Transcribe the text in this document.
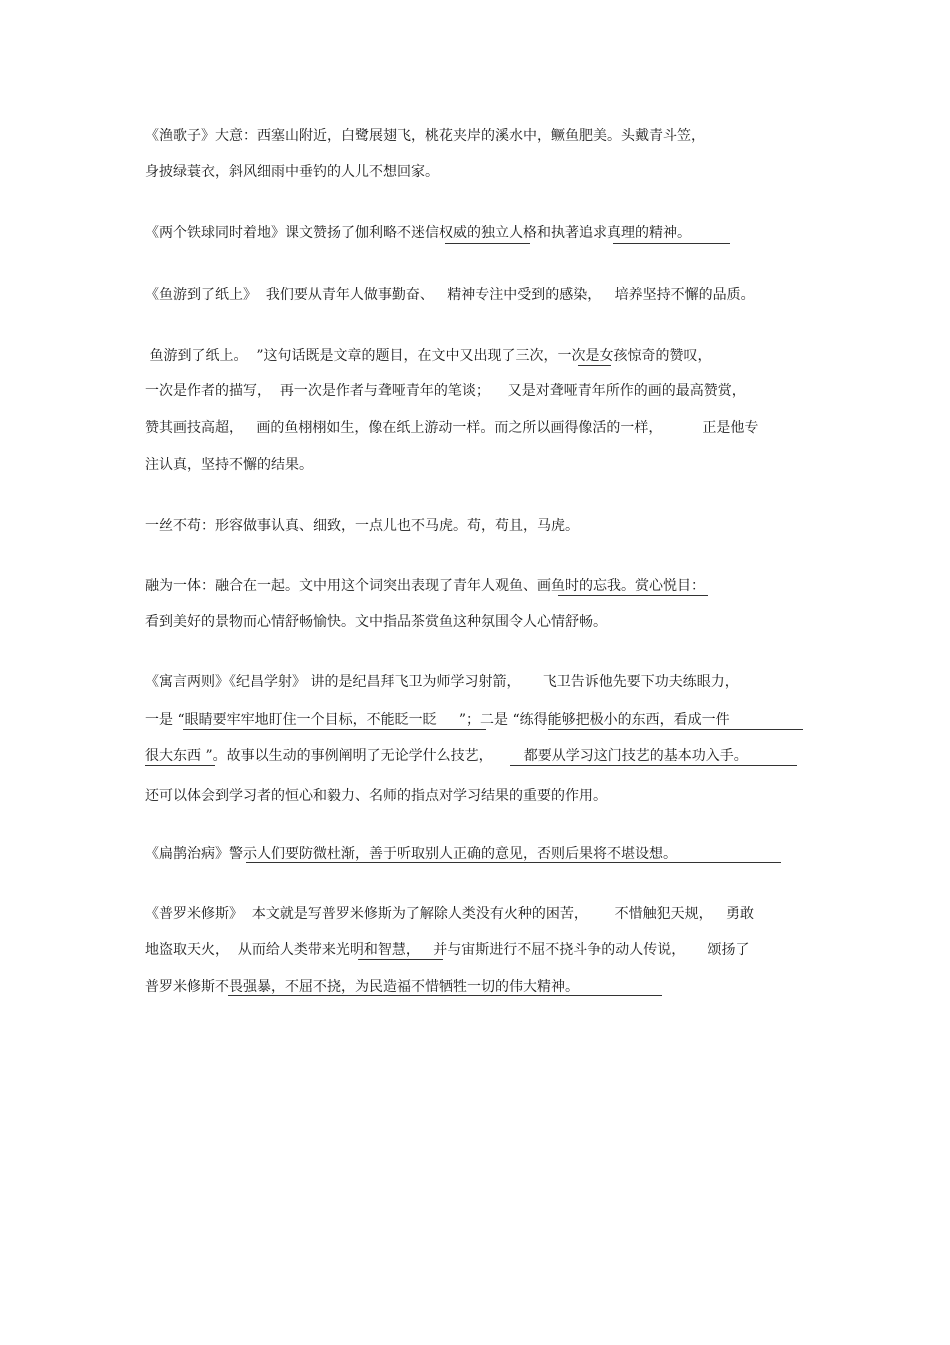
《渔歌子》大意：西塞山附近，白鹭展翅飞，桃花夹岸的溪水中，鳜鱼肥美。头戴青斗笠，
身披绿蓑衣，斜风细雨中垂钓的人儿不想回家。
《两个铁球同时着地》课文赞扬了伽利略不迷信权威的独立人格和执著追求真理的精神。
《鱼游到了纸上》  我们要从青年人做事勤奋、   精神专注中受到的感染，   培养坚持不懈的品质。
鱼游到了纸上。  ”这句话既是文章的题目，在文中又出现了三次，一次是女孩惊奇的赞叹，
一次是作者的描写，  再一次是作者与聋哑青年的笔谈；    又是对聋哑青年所作的画的最高赞赏，
赞其画技高超，   画的鱼栩栩如生，像在纸上游动一样。而之所以画得像活的一样，         正是他专
注认真，坚持不懈的结果。
一丝不苟：形容做事认真、细致，一点儿也不马虎。苟，苟且，马虎。
融为一体：融合在一起。文中用这个词突出表现了青年人观鱼、画鱼时的忘我。赏心悦目：
看到美好的景物而心情舒畅愉快。文中指品茶赏鱼这种氛围令人心情舒畅。
《寓言两则》《纪昌学射》 讲的是纪昌拜飞卫为师学习射箭，     飞卫告诉他先要下功夫练眼力，
一是 “眼睛要牢牢地盯住一个目标，不能眨一眨     ”；二是 “练得能够把极小的东西，看成一件
很大东西 ”。故事以生动的事例阐明了无论学什么技艺，       都要从学习这门技艺的基本功入手。
还可以体会到学习者的恒心和毅力、名师的指点对学习结果的重要的作用。
《扁鹊治病》警示人们要防微杜渐，善于听取别人正确的意见，否则后果将不堪设想。
《普罗米修斯》  本文就是写普罗米修斯为了解除人类没有火种的困苦，      不惜触犯天规，   勇敢
地盗取天火，  从而给人类带来光明和智慧，   并与宙斯进行不屈不挠斗争的动人传说，     颂扬了
普罗米修斯不畏强暴，不屈不挠，为民造福不惜牺牲一切的伟大精神。
